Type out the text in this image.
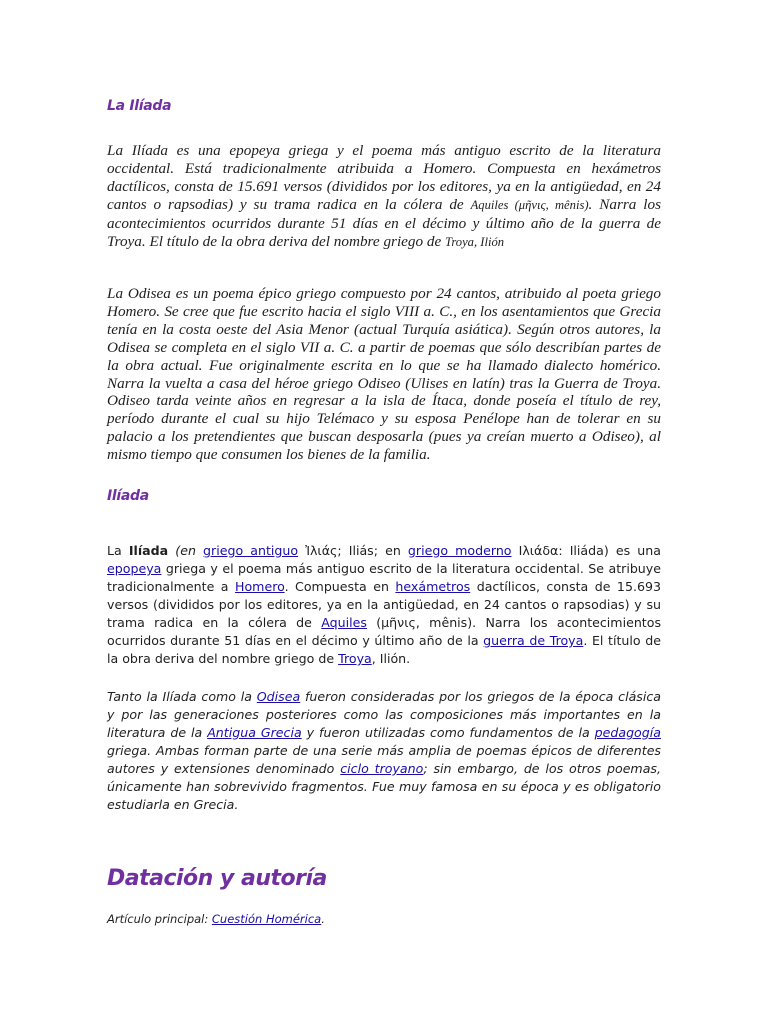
La Ilíada

La Ilíada es una epopeya griega y el poema más antiguo escrito de la literatura occidental. Está tradicionalmente atribuida a Homero. Compuesta en hexámetros dactílicos, consta de 15.691 versos (divididos por los editores, ya en la antigüedad, en 24 cantos o rapsodias) y su trama radica en la cólera de Aquiles (μῆνις, mênis). Narra los acontecimientos ocurridos durante 51 días en el décimo y último año de la guerra de Troya. El título de la obra deriva del nombre griego de Troya, Ilión

La Odisea es un poema épico griego compuesto por 24 cantos, atribuido al poeta griego Homero. Se cree que fue escrito hacia el siglo VIII a. C., en los asentamientos que Grecia tenía en la costa oeste del Asia Menor (actual Turquía asiática). Según otros autores, la Odisea se completa en el siglo VII a. C. a partir de poemas que sólo describían partes de la obra actual. Fue originalmente escrita en lo que se ha llamado dialecto homérico. Narra la vuelta a casa del héroe griego Odiseo (Ulises en latín) tras la Guerra de Troya. Odiseo tarda veinte años en regresar a la isla de Ítaca, donde poseía el título de rey, período durante el cual su hijo Telémaco y su esposa Penélope han de tolerar en su palacio a los pretendientes que buscan desposarla (pues ya creían muerto a Odiseo), al mismo tiempo que consumen los bienes de la familia.

Ilíada

La Ilíada (en griego antiguo Ἰλιάς; Iliás; en griego moderno Ιλιάδα: Iliáda) es una epopeya griega y el poema más antiguo escrito de la literatura occidental. Se atribuye tradicionalmente a Homero. Compuesta en hexámetros dactílicos, consta de 15.693 versos (divididos por los editores, ya en la antigüedad, en 24 cantos o rapsodias) y su trama radica en la cólera de Aquiles (μῆνις, mênis). Narra los acontecimientos ocurridos durante 51 días en el décimo y último año de la guerra de Troya. El título de la obra deriva del nombre griego de Troya, Ilión.

Tanto la Ilíada como la Odisea fueron consideradas por los griegos de la época clásica y por las generaciones posteriores como las composiciones más importantes en la literatura de la Antigua Grecia y fueron utilizadas como fundamentos de la pedagogía griega. Ambas forman parte de una serie más amplia de poemas épicos de diferentes autores y extensiones denominado ciclo troyano; sin embargo, de los otros poemas, únicamente han sobrevivido fragmentos. Fue muy famosa en su época y es obligatorio estudiarla en Grecia.

Datación y autoría
Artículo principal: Cuestión Homérica.
